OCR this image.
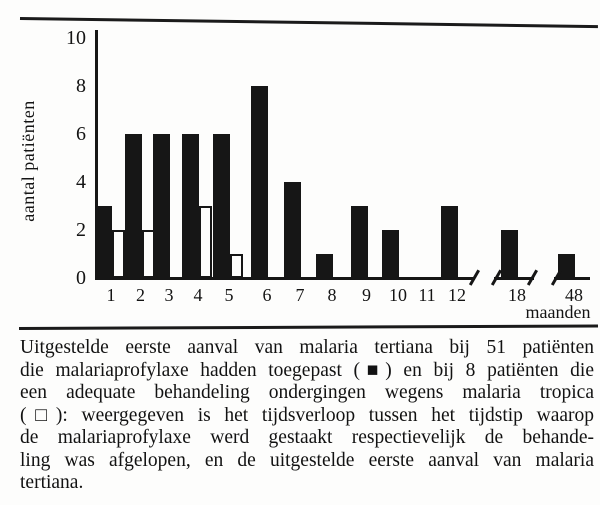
aantal patiënten
maanden
0
2
4
6
8
10
1	2	3	4	5	6	7	8	9	10 11 12	18	48
Uitgestelde eerste aanval van malaria tertiana bij 51 patiënten
die malariaprofylaxe hadden toegepast (■) en bij 8 patiënten die
een adequate behandeling ondergingen wegens malaria tropica
(□): weergegeven is het tijdsverloop tussen het tijdstip waarop
de malariaprofylaxe werd gestaakt respectievelijk de behande-
ling was afgelopen, en de uitgestelde eerste aanval van malaria
tertiana.
